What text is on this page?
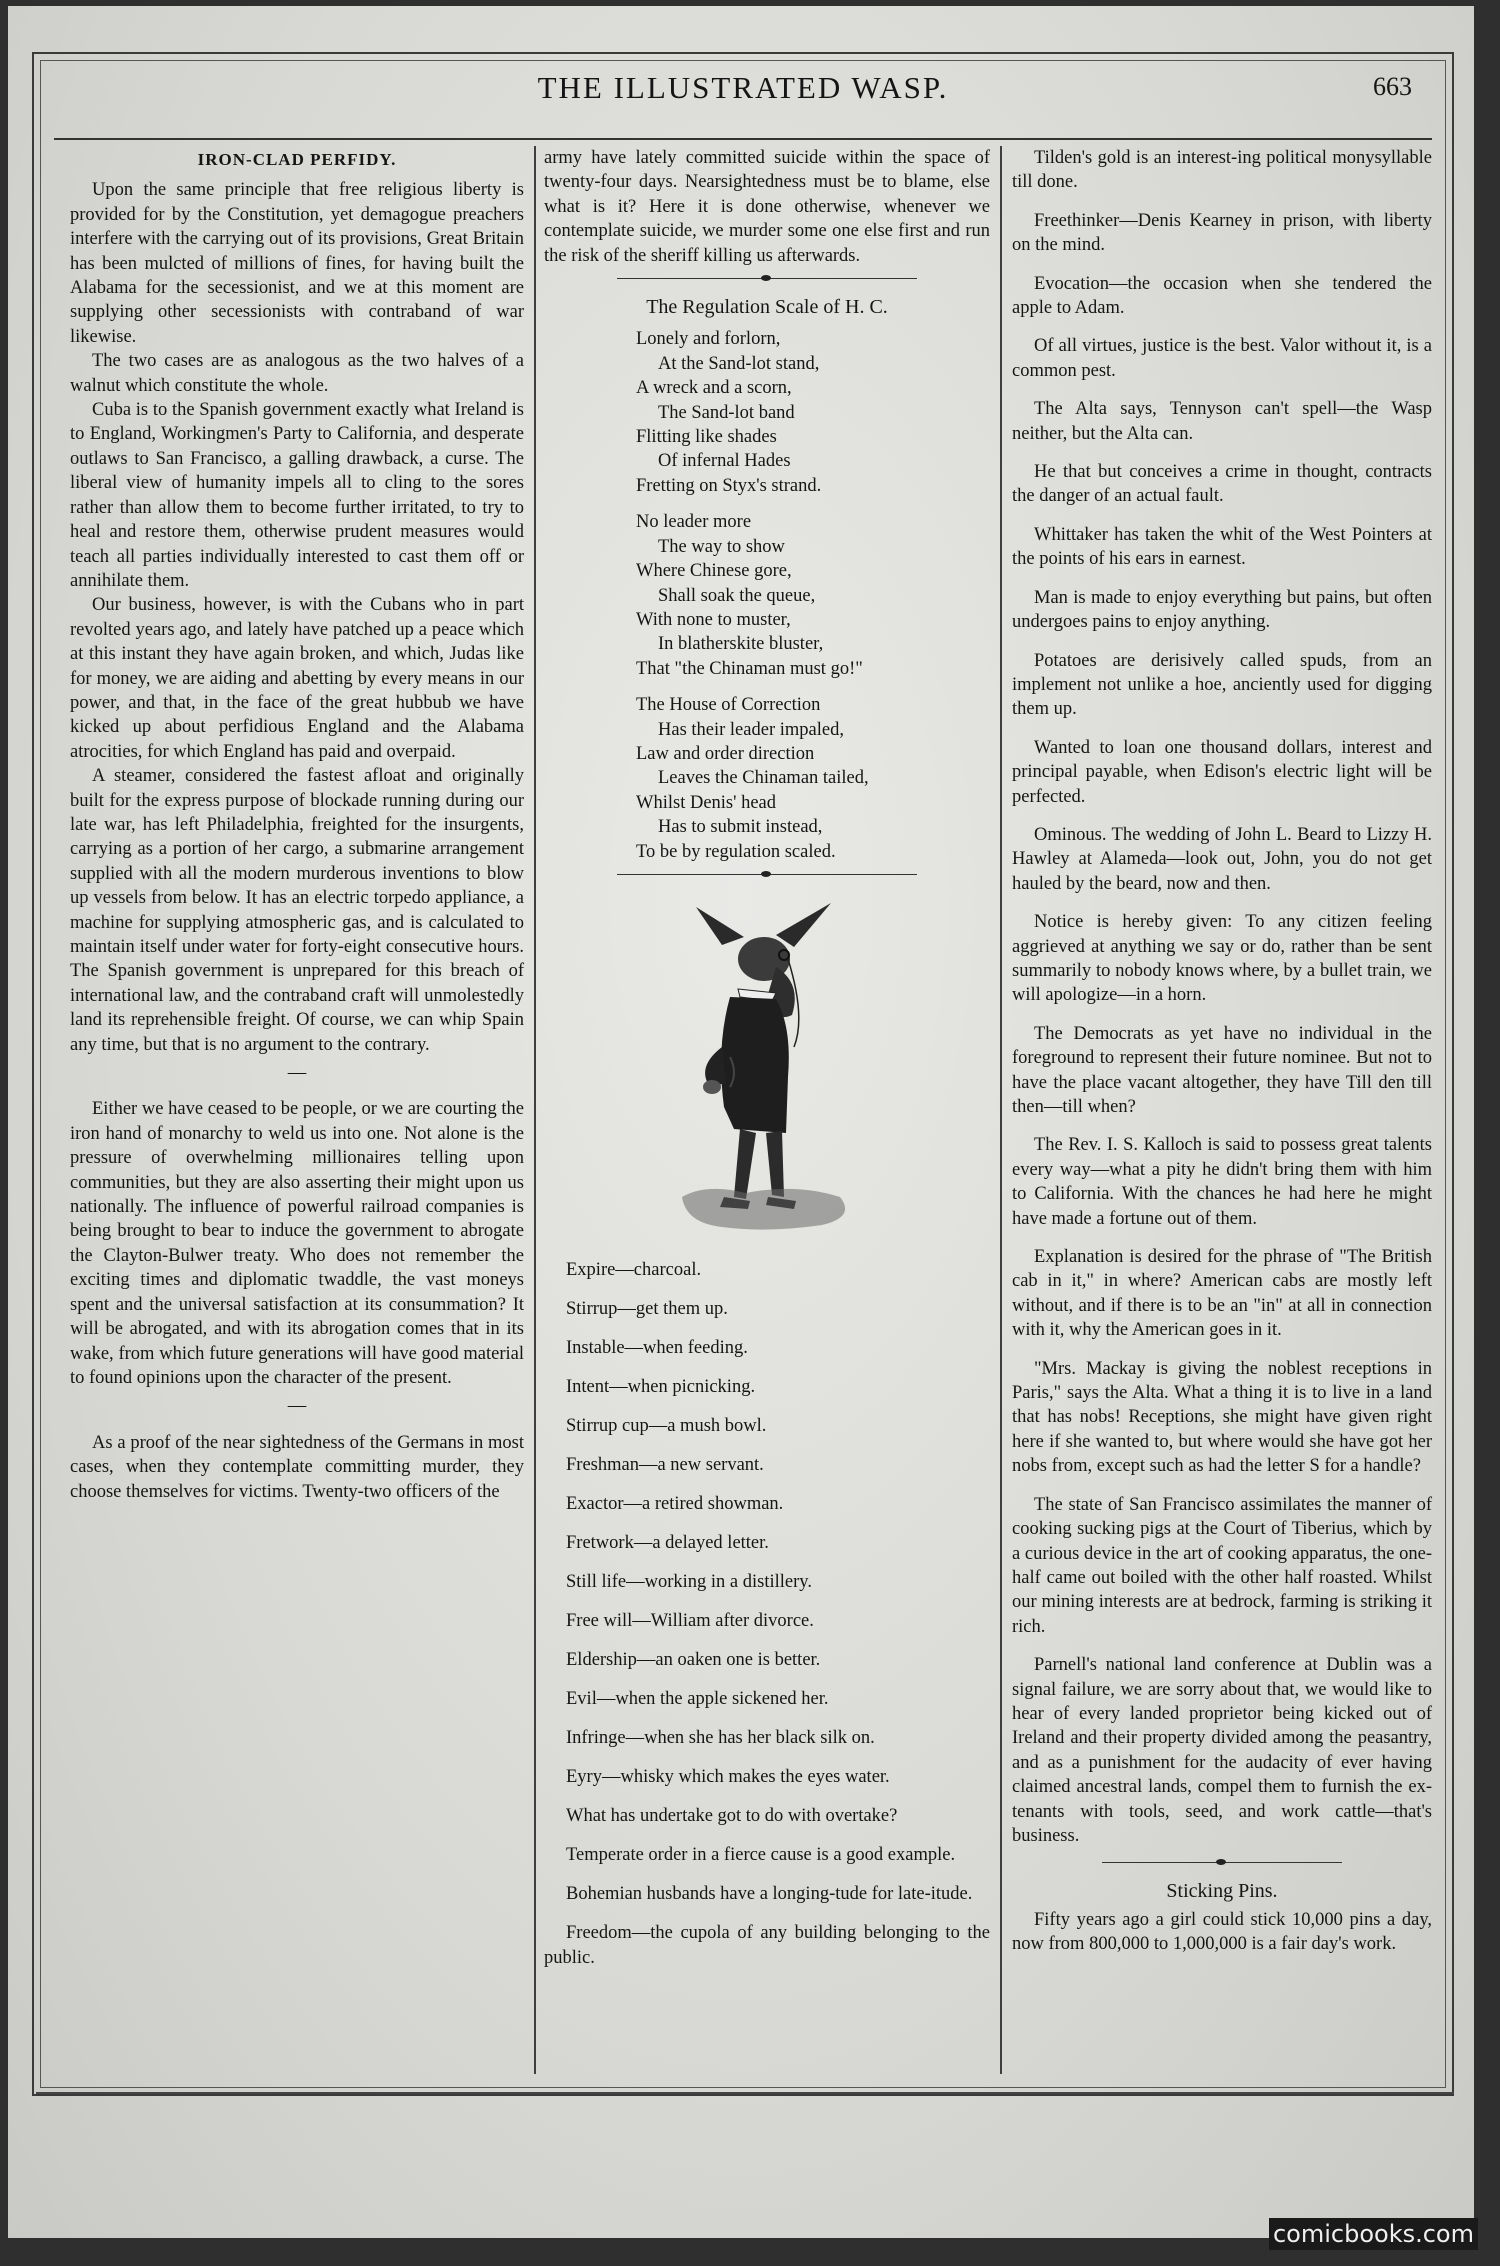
THE ILLUSTRATED WASP.	663
IRON-CLAD PERFIDY.

Upon the same principle that free religious liberty is provided for by the Constitution, yet demagogue preachers interfere with the carrying out of its provisions, Great Britain has been mulcted of millions of fines, for having built the Alabama for the secessionist, and we at this moment are supplying other secessionists with contraband of war likewise.

The two cases are as analogous as the two halves of a walnut which constitute the whole.

Cuba is to the Spanish government exactly what Ireland is to England, Workingmen's Party to California, and desperate outlaws to San Francisco, a galling drawback, a curse. The liberal view of humanity impels all to cling to the sores rather than allow them to become further irritated, to try to heal and restore them, otherwise prudent measures would teach all parties individually interested to cast them off or annihilate them.

Our business, however, is with the Cubans who in part revolted years ago, and lately have patched up a peace which at this instant they have again broken, and which, Judas like for money, we are aiding and abetting by every means in our power, and that, in the face of the great hubbub we have kicked up about perfidious England and the Alabama atrocities, for which England has paid and overpaid.

A steamer, considered the fastest afloat and originally built for the express purpose of blockade running during our late war, has left Philadelphia, freighted for the insurgents, carrying as a portion of her cargo, a submarine arrangement supplied with all the modern murderous inventions to blow up vessels from below. It has an electric torpedo appliance, a machine for supplying atmospheric gas, and is calculated to maintain itself under water for forty-eight consecutive hours. The Spanish government is unprepared for this breach of international law, and the contraband craft will unmolestedly land its reprehensible freight. Of course, we can whip Spain any time, but that is no argument to the contrary.

—

Either we have ceased to be people, or we are courting the iron hand of monarchy to weld us into one. Not alone is the pressure of overwhelming millionaires telling upon communities, but they are also asserting their might upon us nationally. The influence of powerful railroad companies is being brought to bear to induce the government to abrogate the Clayton-Bulwer treaty. Who does not remember the exciting times and diplomatic twaddle, the vast moneys spent and the universal satisfaction at its consummation? It will be abrogated, and with its abrogation comes that in its wake, from which future generations will have good material to found opinions upon the character of the present.

—

As a proof of the near sightedness of the Germans in most cases, when they contemplate committing murder, they choose themselves for victims. Twenty-two officers of the

army have lately committed suicide within the space of twenty-four days. Nearsightedness must be to blame, else what is it? Here it is done otherwise, whenever we contemplate suicide, we murder some one else first and run the risk of the sheriff killing us afterwards.

The Regulation Scale of H. C.
Lonely and forlorn,
At the Sand-lot stand,
A wreck and a scorn,
The Sand-lot band
Flitting like shades
Of infernal Hades
Fretting on Styx's strand.
No leader more
The way to show
Where Chinese gore,
Shall soak the queue,
With none to muster,
In blatherskite bluster,
That "the Chinaman must go!"
The House of Correction
Has their leader impaled,
Law and order direction
Leaves the Chinaman tailed,
Whilst Denis' head
Has to submit instead,
To be by regulation scaled.

Expire—charcoal.

Stirrup—get them up.

Instable—when feeding.

Intent—when picnicking.

Stirrup cup—a mush bowl.

Freshman—a new servant.

Exactor—a retired showman.

Fretwork—a delayed letter.

Still life—working in a distillery.

Free will—William after divorce.

Eldership—an oaken one is better.

Evil—when the apple sickened her.

Infringe—when she has her black silk on.

Eyry—whisky which makes the eyes water.

What has undertake got to do with overtake?

Temperate order in a fierce cause is a good example.

Bohemian husbands have a longing-tude for late-itude.

Freedom—the cupola of any building belonging to the public.

Tilden's gold is an interest-ing political monysyllable till done.

Freethinker—Denis Kearney in prison, with liberty on the mind.

Evocation—the occasion when she tendered the apple to Adam.

Of all virtues, justice is the best. Valor without it, is a common pest.

The Alta says, Tennyson can't spell—the Wasp neither, but the Alta can.

He that but conceives a crime in thought, contracts the danger of an actual fault.

Whittaker has taken the whit of the West Pointers at the points of his ears in earnest.

Man is made to enjoy everything but pains, but often undergoes pains to enjoy anything.

Potatoes are derisively called spuds, from an implement not unlike a hoe, anciently used for digging them up.

Wanted to loan one thousand dollars, interest and principal payable, when Edison's electric light will be perfected.

Ominous. The wedding of John L. Beard to Lizzy H. Hawley at Alameda—look out, John, you do not get hauled by the beard, now and then.

Notice is hereby given: To any citizen feeling aggrieved at anything we say or do, rather than be sent summarily to nobody knows where, by a bullet train, we will apologize—in a horn.

The Democrats as yet have no individual in the foreground to represent their future nominee. But not to have the place vacant altogether, they have Till den till then—till when?

The Rev. I. S. Kalloch is said to possess great talents every way—what a pity he didn't bring them with him to California. With the chances he had here he might have made a fortune out of them.

Explanation is desired for the phrase of "The British cab in it," in where? American cabs are mostly left without, and if there is to be an "in" at all in connection with it, why the American goes in it.

"Mrs. Mackay is giving the noblest receptions in Paris," says the Alta. What a thing it is to live in a land that has nobs! Receptions, she might have given right here if she wanted to, but where would she have got her nobs from, except such as had the letter S for a handle?

The state of San Francisco assimilates the manner of cooking sucking pigs at the Court of Tiberius, which by a curious device in the art of cooking apparatus, the one-half came out boiled with the other half roasted. Whilst our mining interests are at bedrock, farming is striking it rich.

Parnell's national land conference at Dublin was a signal failure, we are sorry about that, we would like to hear of every landed proprietor being kicked out of Ireland and their property divided among the peasantry, and as a punishment for the audacity of ever having claimed ancestral lands, compel them to furnish the ex-tenants with tools, seed, and work cattle—that's business.

Sticking Pins.

Fifty years ago a girl could stick 10,000 pins a day, now from 800,000 to 1,000,000 is a fair day's work.

comicbooks.com
